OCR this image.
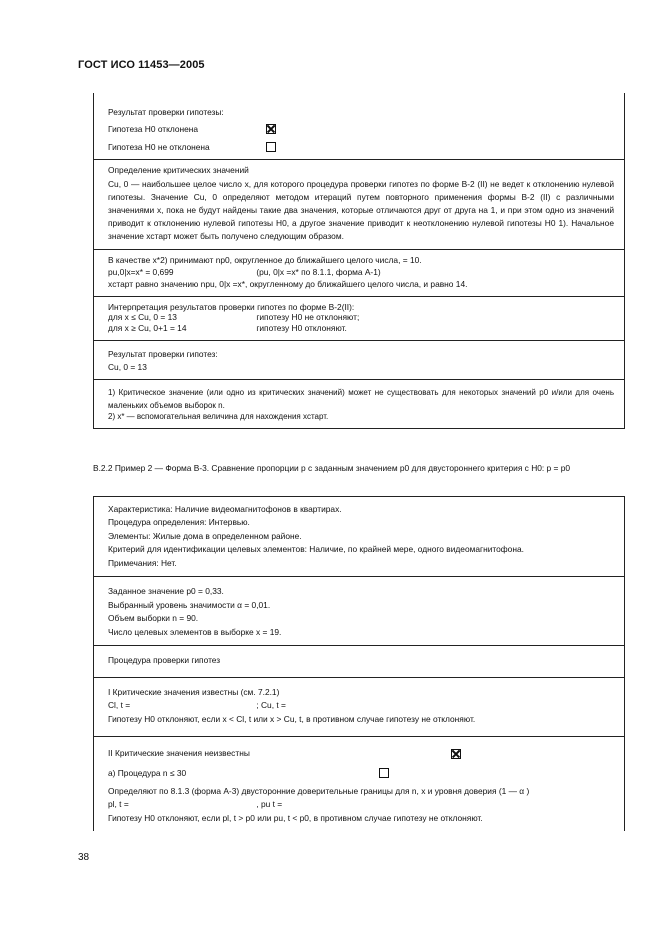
ГОСТ ИСО 11453—2005

Результат проверки гипотезы:

Гипотеза H0 отклонена
Гипотеза H0 не отклонена

Определение критических значений

Cu, 0 — наибольшее целое число x, для которого процедура проверки гипотез по форме В-2 (II) не ведет к отклонению нулевой гипотезы. Значение Cu, 0 определяют методом итераций путем повторного применения формы В-2 (II) с различными значениями x, пока не будут найдены такие два значения, которые отличаются друг от друга на 1, и при этом одно из значений приводит к отклонению нулевой гипотезы H0, а другое значение приводит к неотклонению нулевой гипотезы H0 1). Начальное значение xстарт может быть получено следующим образом.

В качестве x*2) принимают np0, округленное до ближайшего целого числа, = 10.

pu,0|x=x* = 0,699	(pu, 0|x =x* по 8.1.1, форма А-1)

xстарт равно значению npu, 0|x =x*, округленному до ближайшего целого числа, и равно 14.

Интерпретация результатов проверки гипотез по форме В-2(II):

для x ≤ Cu, 0 = 13	гипотезу H0 не отклоняют;

для x ≥ Cu, 0+1 = 14	гипотезу H0 отклоняют.

Результат проверки гипотез:

Cu, 0 = 13

1) Критическое значение (или одно из критических значений) может не существовать для некоторых значений p0 и/или для очень маленьких объемов выборок n.

2) x* — вспомогательная величина для нахождения xстарт.

В.2.2 Пример 2 — Форма В-3. Сравнение пропорции p с заданным значением p0 для двустороннего критерия с H0: p = p0

Характеристика: Наличие видеомагнитофонов в квартирах.

Процедура определения: Интервью.

Элементы: Жилые дома в определенном районе.

Критерий для идентификации целевых элементов: Наличие, по крайней мере, одного видеомагнитофона.

Примечания: Нет.

Заданное значение p0 = 0,33.

Выбранный уровень значимости α = 0,01.

Объем выборки n = 90.

Число целевых элементов в выборке x = 19.

Процедура проверки гипотез

I Критические значения известны (см. 7.2.1)

Cl, t =	; Cu, t =

Гипотезу H0 отклоняют, если x < Cl, t или x > Cu, t, в противном случае гипотезу не отклоняют.

II Критические значения неизвестны
а) Процедура n ≤ 30

Определяют по 8.1.3 (форма А-3) двусторонние доверительные границы для n, x и уровня доверия (1 — α )

pl, t =	, pu t =

Гипотезу H0 отклоняют, если pl, t > p0 или pu, t < p0, в противном случае гипотезу не отклоняют.

38
